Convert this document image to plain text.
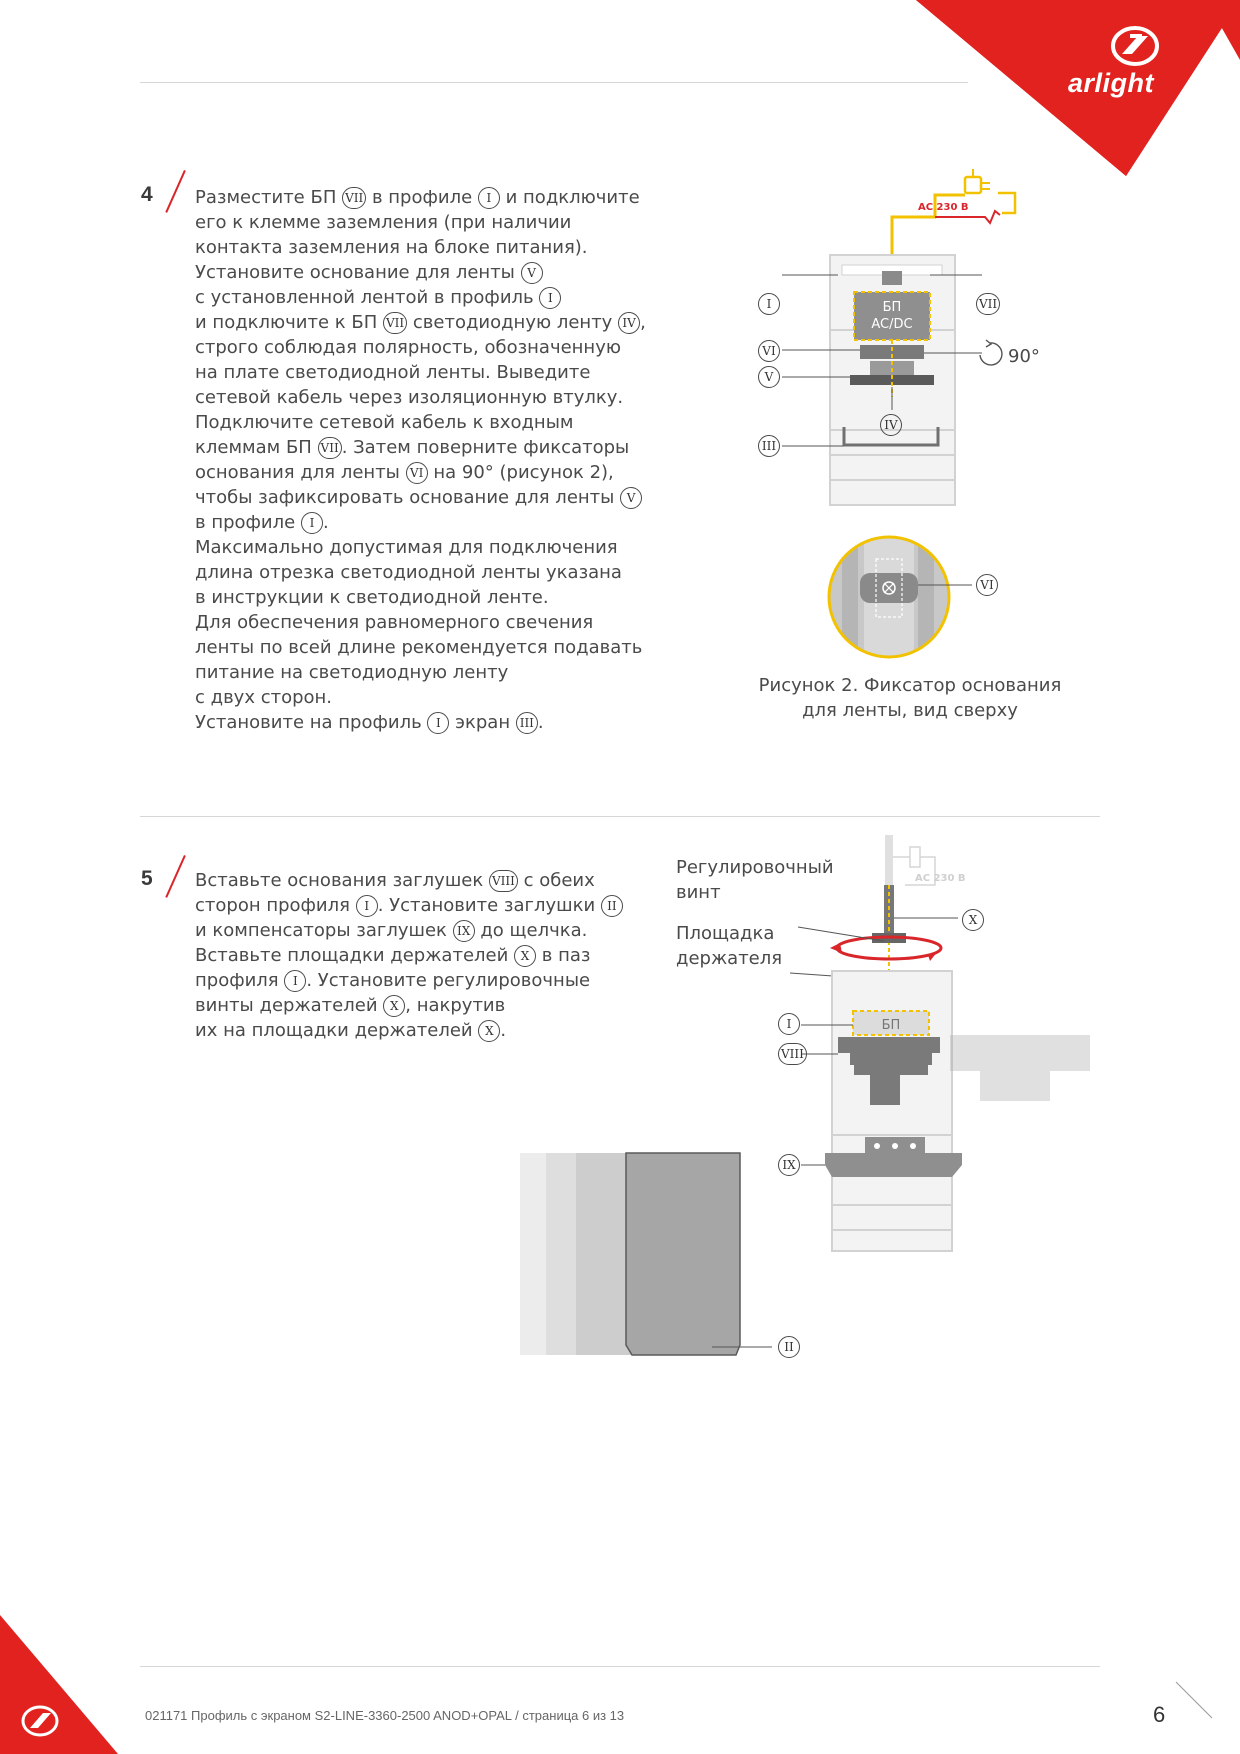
arlight
4 Разместите БП VII в профиле I и подключите
его к клемме заземления (при наличии
контакта заземления на блоке питания).
Установите основание для ленты V
с установленной лентой в профиль I
и подключите к БП VII светодиодную ленту IV ,
строго соблюдая полярность, обозначенную
на плате светодиодной ленты. Выведите
сетевой кабель через изоляционную втулку.
Подключите сетевой кабель к входным
клеммам БП VII . Затем поверните фиксаторы
основания для ленты VI на 90° (рисунок 2),
чтобы зафиксировать основание для ленты V
в профиле I .
Максимально допустимая для подключения
длина отрезка светодиодной ленты указана
в инструкции к светодиодной ленте.
Для обеспечения равномерного свечения
ленты по всей длине рекомендуется подавать
питание на светодиодную ленту
с двух сторон.
Установите на профиль I экран III .
AC 230 B
БП
AC/DC
90°
I	VII
VI
V
IV
III
VI
Рисунок 2. Фиксатор основания
для ленты, вид сверху
5 Вставьте основания заглушек VIII с обеих
сторон профиля I . Установите заглушки II
и компенсаторы заглушек IX до щелчка.
Вставьте площадки держателей X в паз
профиля I . Установите регулировочные
винты держателей X , накрутив
их на площадки держателей X .
Регулировочный
винт
Площадка
держателя
AC 230 B
БП
X
I
VIII
IX
II
021171 Профиль с экраном S2-LINE-3360-2500 ANOD+OPAL / страница 6 из 13	6
